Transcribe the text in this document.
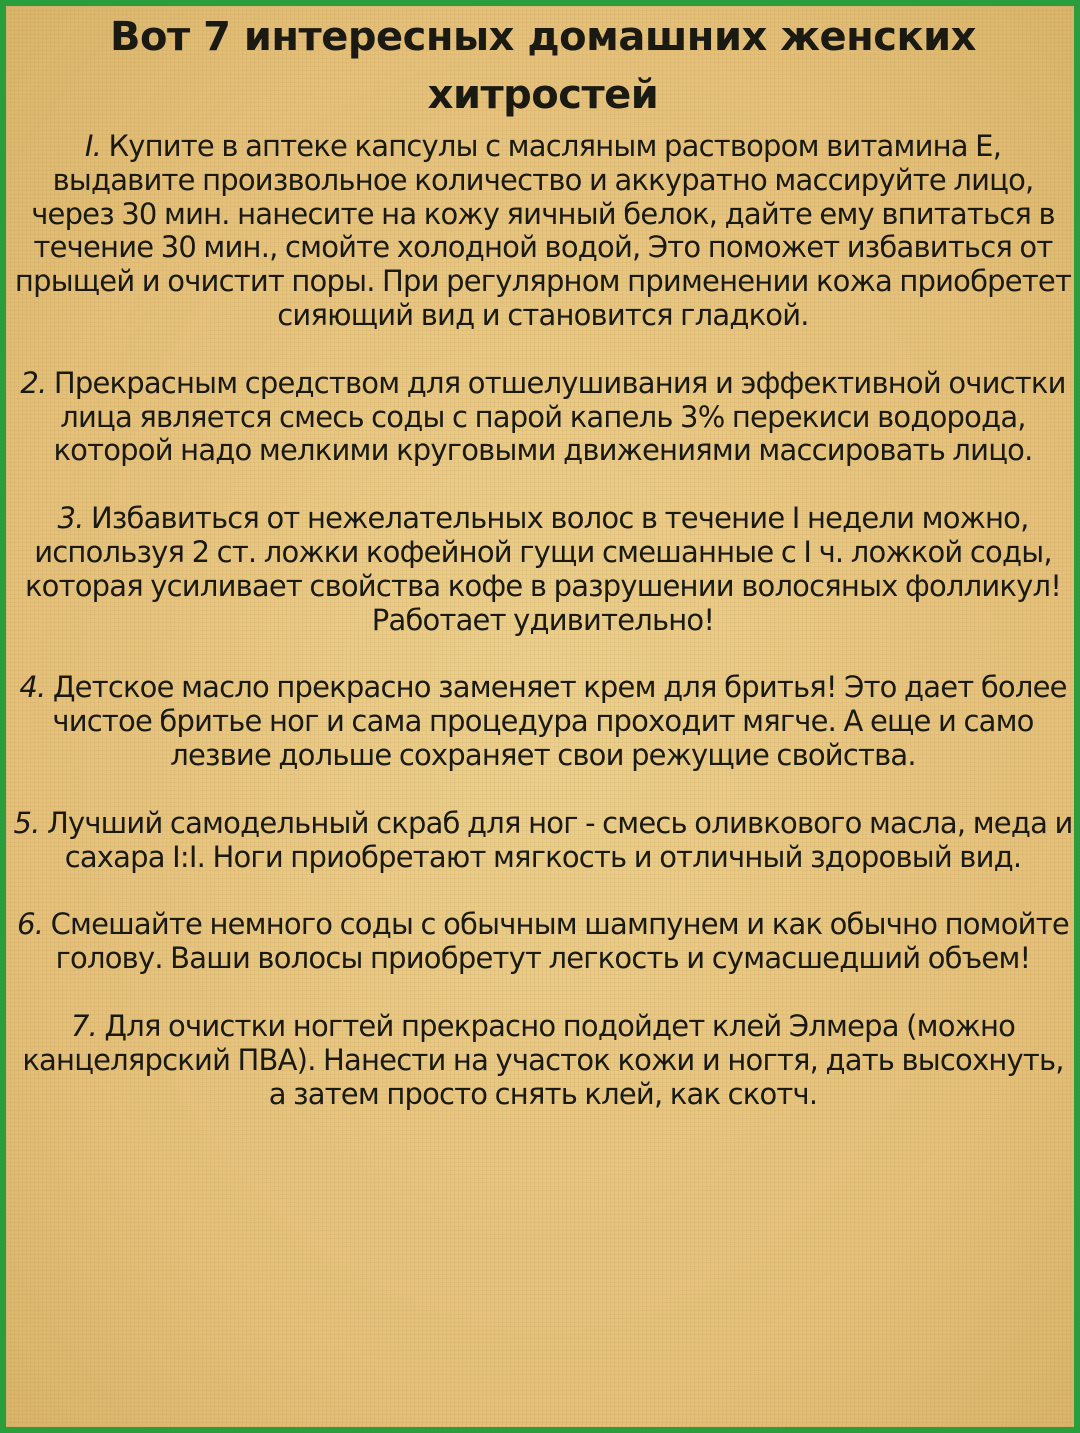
Вот 7 интересных домашних женских хитростей

I. Купите в аптеке капсулы с масляным раствором витамина Е, выдавите произвольное количество и аккуратно массируйте лицо, через 30 мин. нанесите на кожу яичный белок, дайте ему впитаться в течение 30 мин., смойте холодной водой, Это поможет избавиться от прыщей и очистит поры. При регулярном применении кожа приобретет сияющий вид и становится гладкой.

2. Прекрасным средством для отшелушивания и эффективной очистки лица является смесь соды с парой капель 3% перекиси водорода, которой надо мелкими круговыми движениями массировать лицо.

3. Избавиться от нежелательных волос в течение I недели можно, используя 2 ст. ложки кофейной гущи смешанные с I ч. ложкой соды, которая усиливает свойства кофе в разрушении волосяных фолликул! Работает удивительно!

4. Детское масло прекрасно заменяет крем для бритья! Это дает более чистое бритье ног и сама процедура проходит мягче. А еще и само лезвие дольше сохраняет свои режущие свойства.

5. Лучший самодельный скраб для ног - смесь оливкового масла, меда и сахара I:I. Ноги приобретают мягкость и отличный здоровый вид.

6. Смешайте немного соды с обычным шампунем и как обычно помойте голову. Ваши волосы приобретут легкость и сумасшедший объем!

7. Для очистки ногтей прекрасно подойдет клей Элмера (можно канцелярский ПВА). Нанести на участок кожи и ногтя, дать высохнуть, а затем просто снять клей, как скотч.
